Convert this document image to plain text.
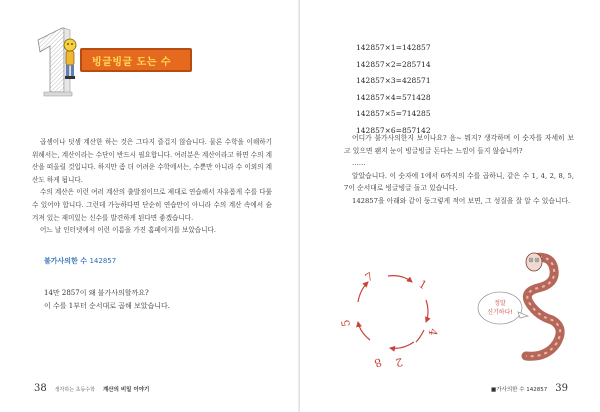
빙글빙글 도는 수

곱셈이나 덧셈 계산한 하는 것은 그다지 즐겁지 않습니다. 물론 수학을 이해하기 위해서는, 계산이라는 수단이 반드시 필요합니다. 여러분은 계산이라고 하면 수의 계산을 떠올릴 것입니다. 하지만 좀 더 어려운 수학에서는, 수뿐만 아니라 수 이외의 계산도 하게 됩니다.

수의 계산은 이런 여러 계산의 출발점이므로 제대로 연습해서 자유롭게 수를 다룰 수 있어야 합니다. 그런데 가능하다면 단순히 연습만이 아니라 수의 계산 속에서 숨겨져 있는 재미있는 신수를 발견하게 된다면 좋겠습니다.

어느 날 인터넷에서 이런 이름을 가진 홈페이지를 보았습니다.

불가사의한 수 142857

14만 2857이 왜 불가사의할까요?

이 수를 1부터 순서대로 곱해 보았습니다.

38 생각하는 초등수학 계산의 비밀 이야기
142857×1=142857
142857×2=285714
142857×3=428571
142857×4=571428
142857×5=714285
142857×6=857142

어디가 불가사의한지 보이나요? 음~ 뭐지? 생각하며 이 숫자를 자세히 보고 있으면 왠지 눈이 빙글빙글 돈다는 느낌이 들지 않습니까?

……

알았습니다. 이 숫자에 1에서 6까지의 수를 곱하니, 같은 수 1, 4, 2, 8, 5, 7이 순서대로 빙글빙글 돌고 있습니다.

142857을 아래와 같이 둥그렇게 적어 보면, 그 성질을 잘 알 수 있습니다.

7
1
4
2
5
8
정말
신기하다!
■가사의한 수 142857 39
